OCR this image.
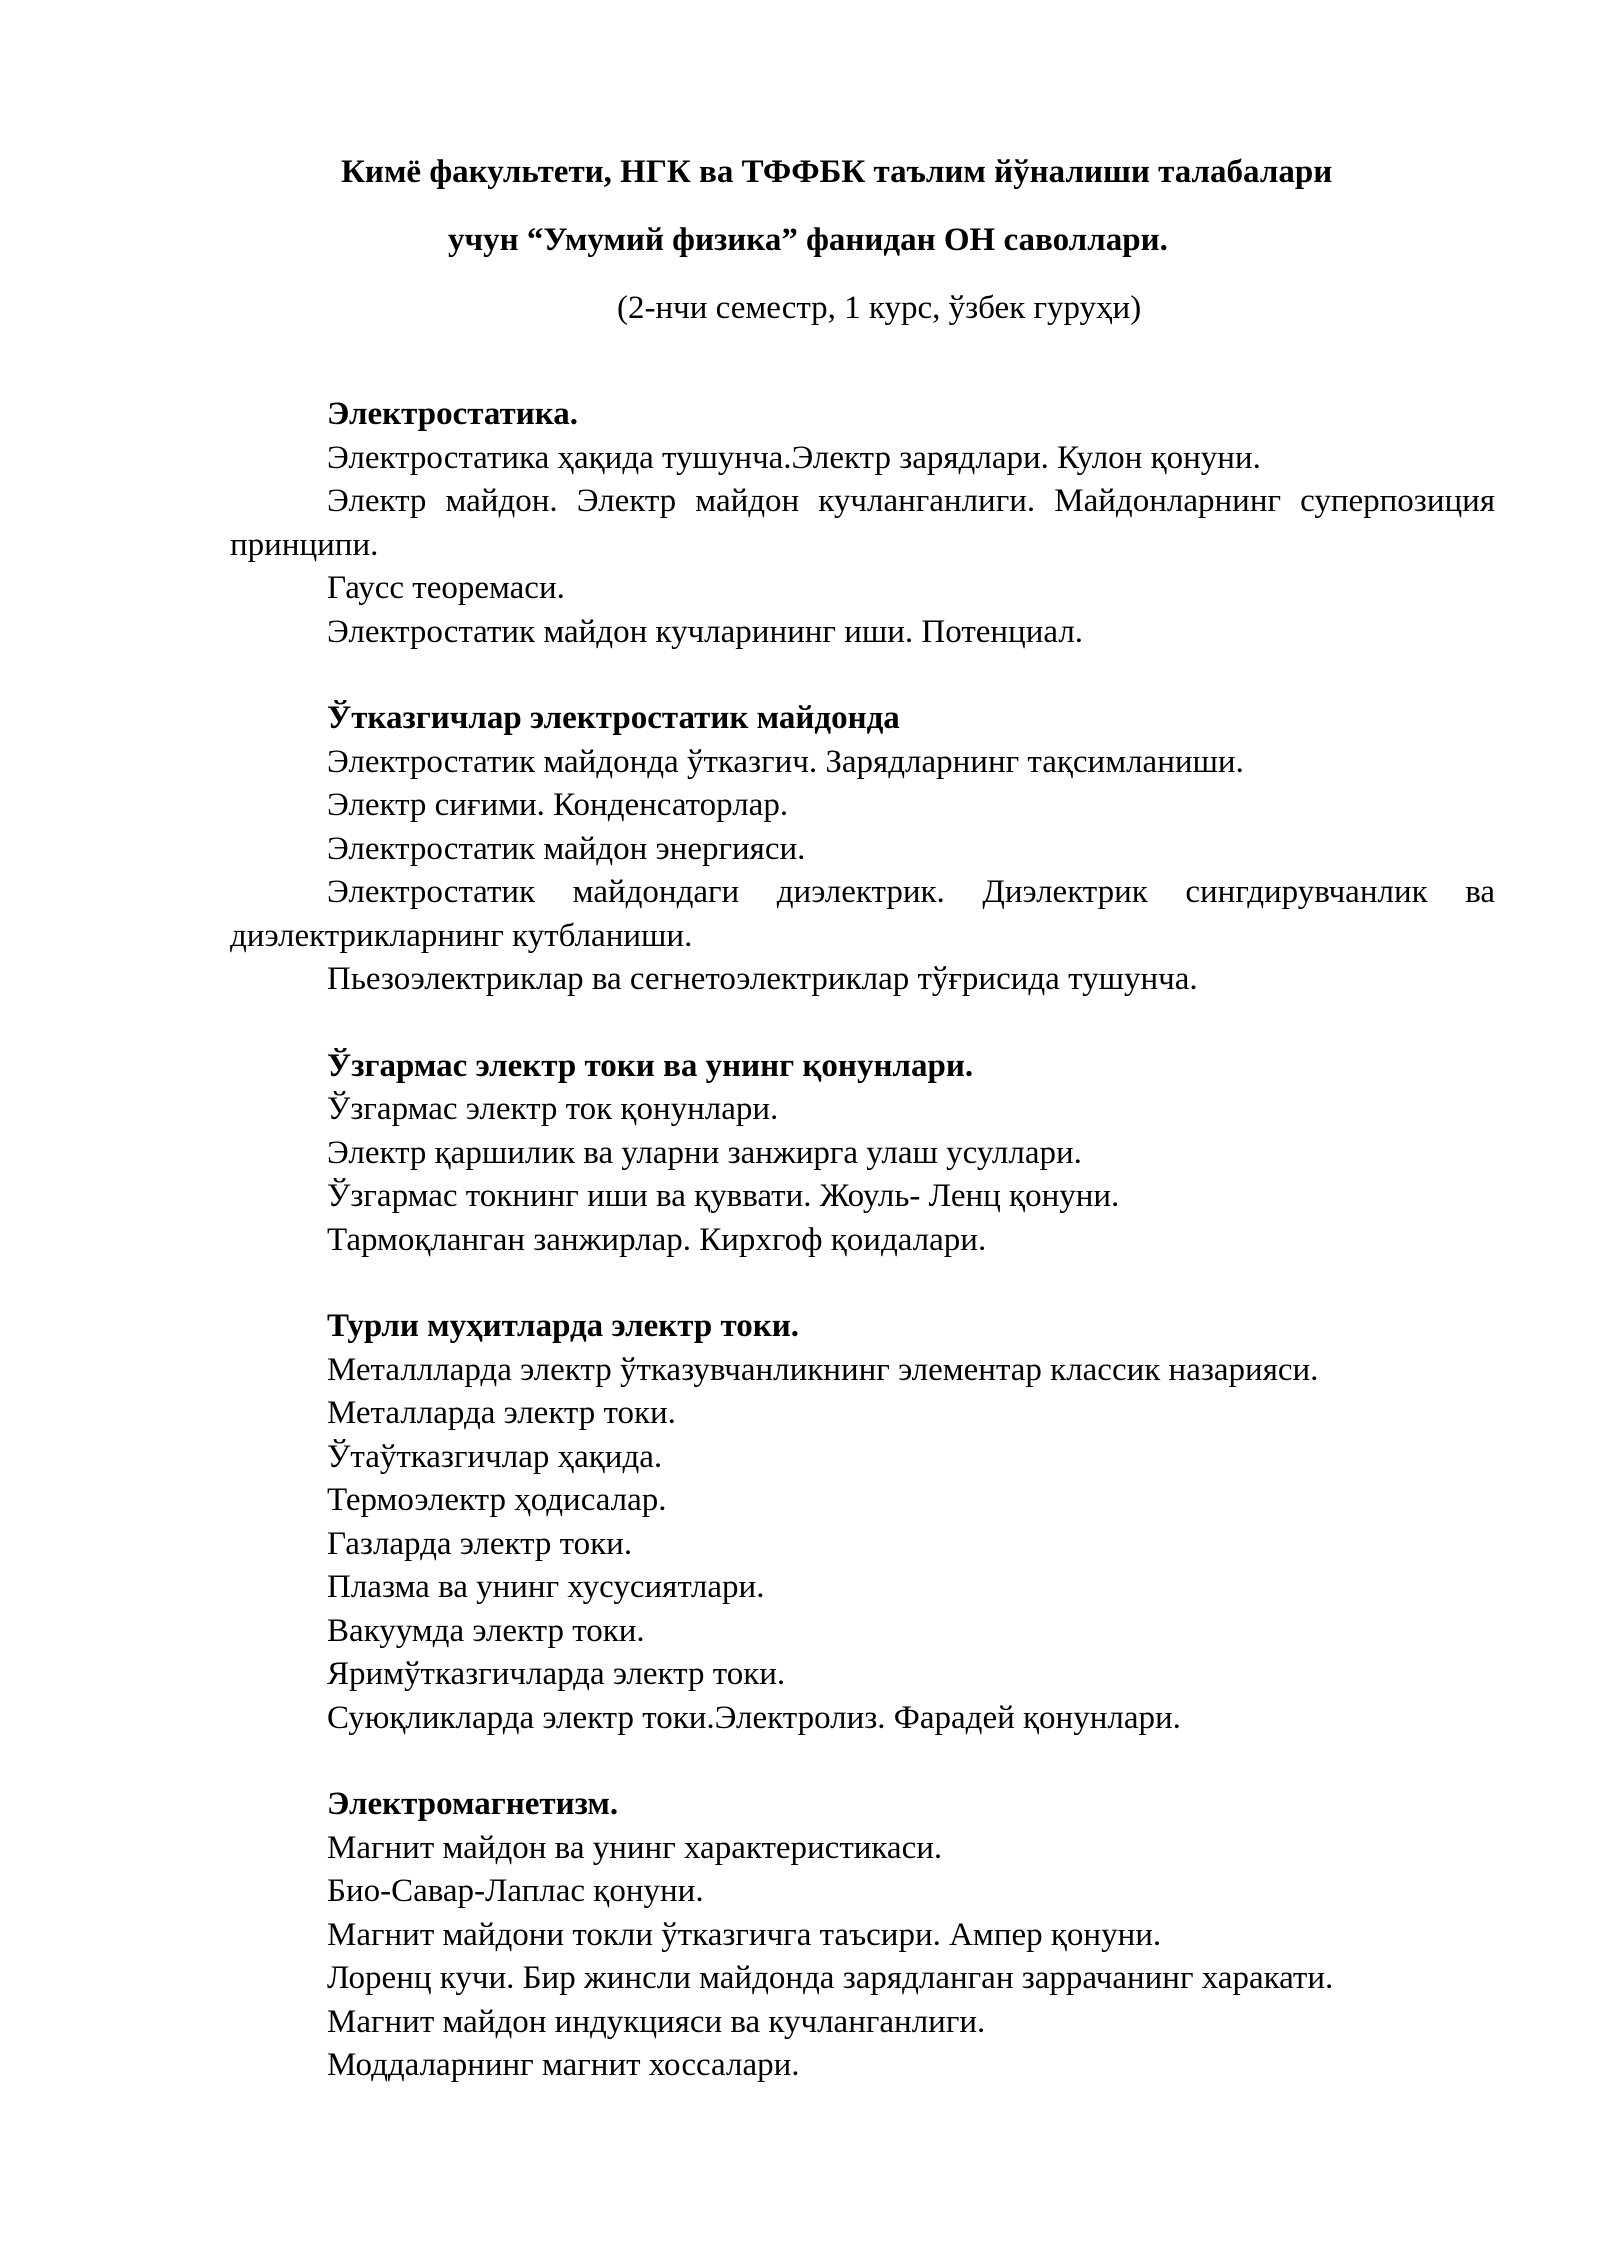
Кимё факультети, НГК ва ТФФБК таълим йўналиши талабалари
учун “Умумий физика” фанидан ОН саволлари.
(2-нчи семестр, 1 курс, ўзбек гуруҳи)
Электростатика.
Электростатика ҳақида тушунча.Электр зарядлари. Кулон қонуни.
Электр майдон. Электр майдон кучланганлиги. Майдонларнинг суперпозиция принципи.
Гаусс теоремаси.
Электростатик майдон кучларининг иши. Потенциал.
Ўтказгичлар электростатик майдонда
Электростатик майдонда ўтказгич. Зарядларнинг тақсимланиши.
Электр сиғими. Конденсаторлар.
Электростатик майдон энергияси.
Электростатик майдондаги диэлектрик. Диэлектрик сингдирувчанлик ва диэлектрикларнинг кутбланиши.
Пьезоэлектриклар ва сегнетоэлектриклар тўғрисида тушунча.
Ўзгармас электр токи ва унинг қонунлари.
Ўзгармас электр ток қонунлари.
Электр қаршилик ва уларни занжирга улаш усуллари.
Ўзгармас токнинг иши ва қуввати. Жоуль- Ленц қонуни.
Тармоқланган занжирлар. Кирхгоф қоидалари.
Турли муҳитларда электр токи.
Металлларда электр ўтказувчанликнинг элементар классик назарияси.
Металларда электр токи.
Ўтаўтказгичлар ҳақида.
Термоэлектр ҳодисалар.
Газларда электр токи.
Плазма ва унинг хусусиятлари.
Вакуумда электр токи.
Яримўтказгичларда электр токи.
Суюқликларда электр токи.Электролиз. Фарадей қонунлари.
Электромагнетизм.
Магнит майдон ва унинг характеристикаси.
Био-Савар-Лаплас қонуни.
Магнит майдони токли ўтказгичга таъсири. Ампер қонуни.
Лоренц кучи. Бир жинсли майдонда зарядланган заррачанинг харакати.
Магнит майдон индукцияси ва кучланганлиги.
Моддаларнинг магнит хоссалари.
